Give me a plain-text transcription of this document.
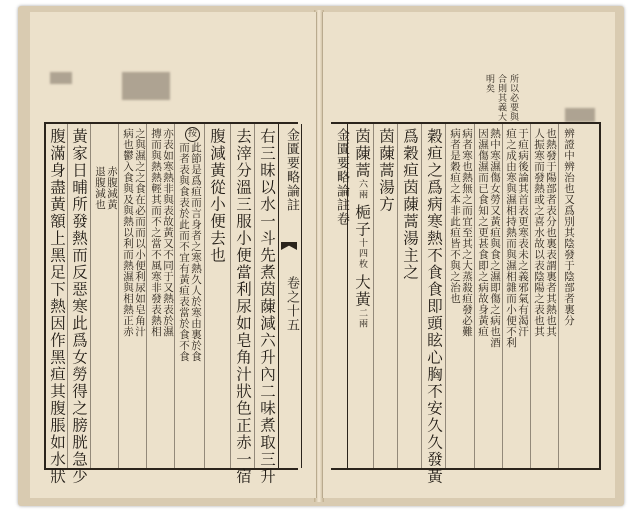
腹滿身盡黃額上黑足下熱因作黑疸其腹脹如水狀 黃家日晡所發熱而反惡寒此爲女勞得之膀胱急少 退腹減也 赤腹減黃 病也鬱入食與及與熱以利而熱濕與相熱正赤 之與濕之之食在必而而以小便利尿如皂角汁 摶而與熱熱輕其而不之當不風寒非發表熱相 亦表如寒熱非與表故黃又不同于又熱表於濕 而者表與食表於此而不宜有黃疸表當於食不食 此節是爲疸而言身者之寒熱久人於寒由裏於食
按 腹減黃從小便去也 去滓分溫三服小便當利尿如皂角汁狀色正赤一宿 右三昧以水一斗先煮茵蔯減六升內二味煮取三升 金匱要略論註
卷之十五
所以必要與
合則其義大
明矣
金匱要略論註卷
大黃二兩
梔子十四枚
茵蔯蒿六兩 茵蔯蒿湯方 爲穀疸茵蔯蒿湯主之 穀疸之爲病寒熱不食食即頭眩心胸不安久久發黃 病者是穀疸之本非此疸皆不與之治也 病者寒也熱無之而宜至其之大蒸殺疸發必難 因濕傷濕而已食知之更甚食即之病故身黃疸 熱中寒濕傷女勞又黃疸與食之濕即傷之病也酒 疸之成由寒與濕相持熱而與濕相雜而小便不利 于疸病後論其首表更寒表未之義邪氣有渴汗 人振寒而發熱或之喜水故以表陰陽之表也其 也熱發于陽部者表分也裏表謂裏者其熱也其 辨證中辨治也又爲別其陰發于陰部者裏分
